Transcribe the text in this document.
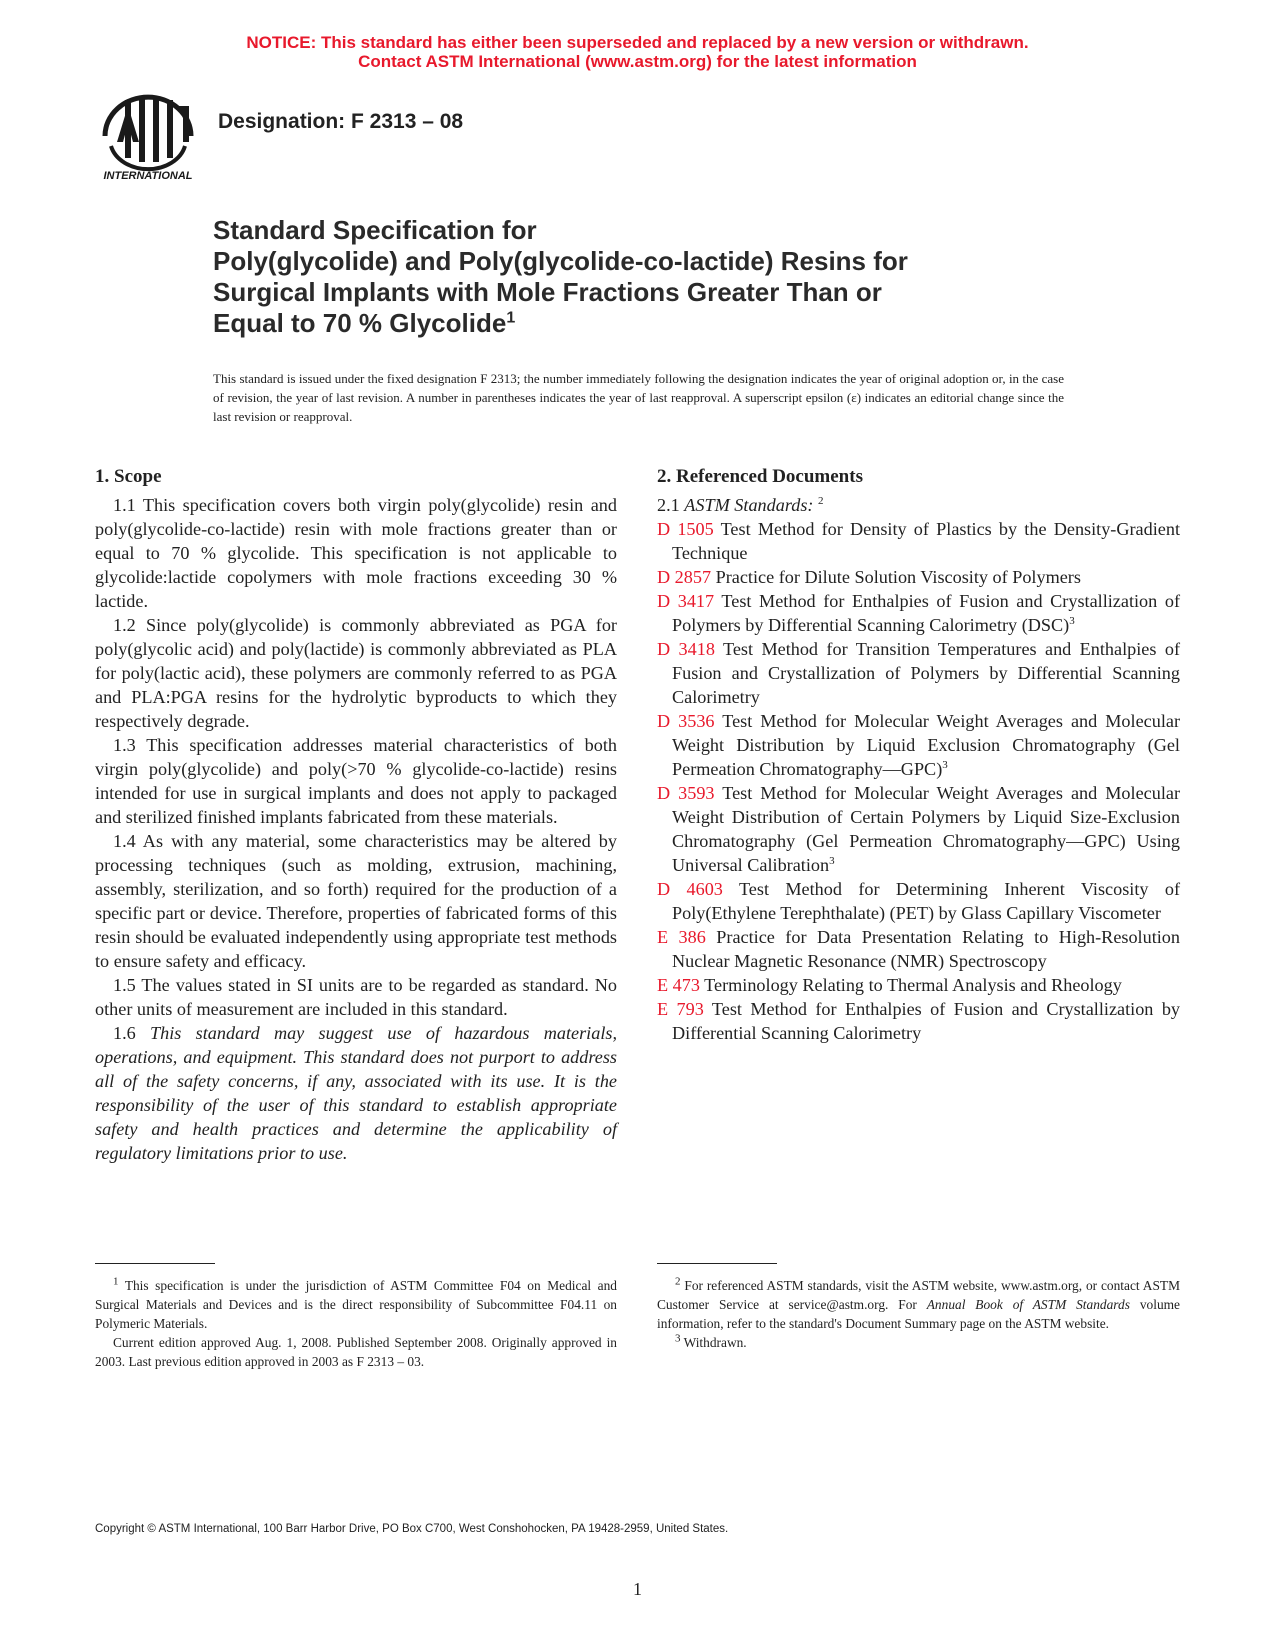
NOTICE: This standard has either been superseded and replaced by a new version or withdrawn.
Contact ASTM International (www.astm.org) for the latest information
INTERNATIONAL
Designation: F 2313 – 08
Standard Specification for
Poly(glycolide) and Poly(glycolide-co-lactide) Resins for
Surgical Implants with Mole Fractions Greater Than or
Equal to 70 % Glycolide$^1$
This standard is issued under the fixed designation F 2313; the number immediately following the designation indicates the year of original adoption or, in the case of revision, the year of last revision. A number in parentheses indicates the year of last reapproval. A superscript epsilon (ε) indicates an editorial change since the last revision or reapproval.
1. Scope

1.1 This specification covers both virgin poly(glycolide) resin and poly(glycolide-co-lactide) resin with mole fractions greater than or equal to 70 % glycolide. This specification is not applicable to glycolide:lactide copolymers with mole fractions exceeding 30 % lactide.

1.2 Since poly(glycolide) is commonly abbreviated as PGA for poly(glycolic acid) and poly(lactide) is commonly abbreviated as PLA for poly(lactic acid), these polymers are commonly referred to as PGA and PLA:PGA resins for the hydrolytic byproducts to which they respectively degrade.

1.3 This specification addresses material characteristics of both virgin poly(glycolide) and poly(>70 % glycolide-co-lactide) resins intended for use in surgical implants and does not apply to packaged and sterilized finished implants fabricated from these materials.

1.4 As with any material, some characteristics may be altered by processing techniques (such as molding, extrusion, machining, assembly, sterilization, and so forth) required for the production of a specific part or device. Therefore, properties of fabricated forms of this resin should be evaluated independently using appropriate test methods to ensure safety and efficacy.

1.5 The values stated in SI units are to be regarded as standard. No other units of measurement are included in this standard.

1.6 This standard may suggest use of hazardous materials, operations, and equipment. This standard does not purport to address all of the safety concerns, if any, associated with its use. It is the responsibility of the user of this standard to establish appropriate safety and health practices and determine the applicability of regulatory limitations prior to use.

2. Referenced Documents

2.1 ASTM Standards: $^2$

D 1505 Test Method for Density of Plastics by the Density-Gradient Technique

D 2857 Practice for Dilute Solution Viscosity of Polymers

D 3417 Test Method for Enthalpies of Fusion and Crystallization of Polymers by Differential Scanning Calorimetry (DSC)$^3$

D 3418 Test Method for Transition Temperatures and Enthalpies of Fusion and Crystallization of Polymers by Differential Scanning Calorimetry

D 3536 Test Method for Molecular Weight Averages and Molecular Weight Distribution by Liquid Exclusion Chromatography (Gel Permeation Chromatography—GPC)$^3$

D 3593 Test Method for Molecular Weight Averages and Molecular Weight Distribution of Certain Polymers by Liquid Size-Exclusion Chromatography (Gel Permeation Chromatography—GPC) Using Universal Calibration$^3$

D 4603 Test Method for Determining Inherent Viscosity of Poly(Ethylene Terephthalate) (PET) by Glass Capillary Viscometer

E 386 Practice for Data Presentation Relating to High-Resolution Nuclear Magnetic Resonance (NMR) Spectroscopy

E 473 Terminology Relating to Thermal Analysis and Rheology

E 793 Test Method for Enthalpies of Fusion and Crystallization by Differential Scanning Calorimetry

$^1$ This specification is under the jurisdiction of ASTM Committee F04 on Medical and Surgical Materials and Devices and is the direct responsibility of Subcommittee F04.11 on Polymeric Materials.

Current edition approved Aug. 1, 2008. Published September 2008. Originally approved in 2003. Last previous edition approved in 2003 as F 2313 – 03.

$^2$ For referenced ASTM standards, visit the ASTM website, www.astm.org, or contact ASTM Customer Service at service@astm.org. For Annual Book of ASTM Standards volume information, refer to the standard's Document Summary page on the ASTM website.

$^3$ Withdrawn.

Copyright © ASTM International, 100 Barr Harbor Drive, PO Box C700, West Conshohocken, PA 19428-2959, United States.
1
